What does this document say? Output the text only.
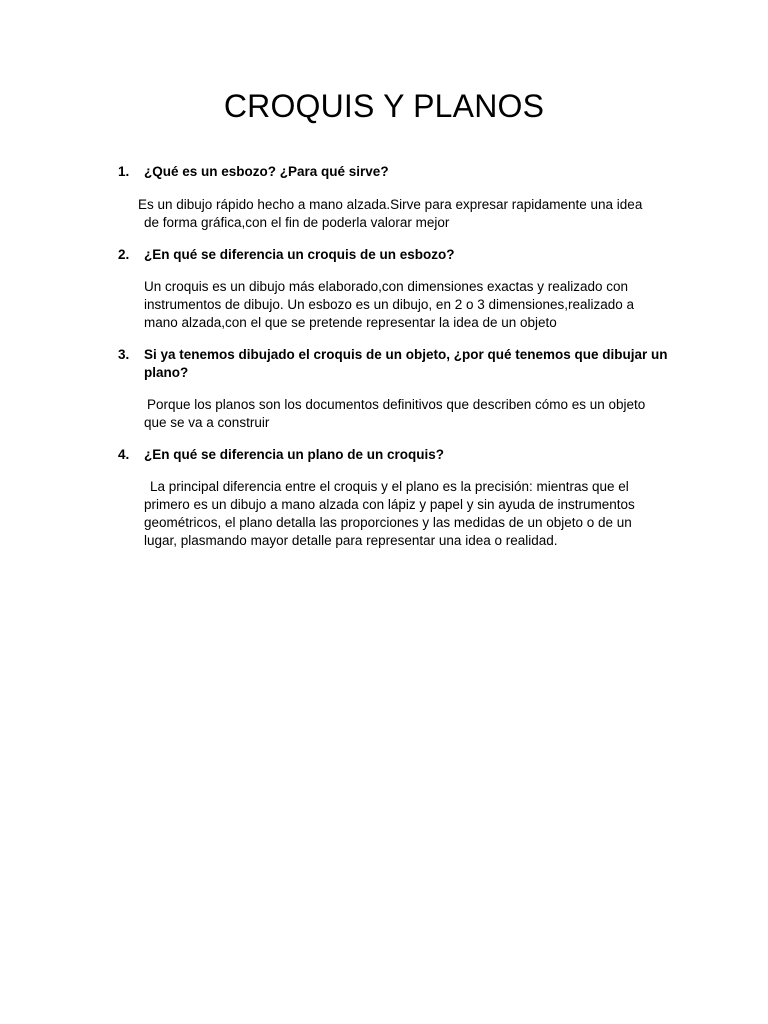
CROQUIS Y PLANOS
1.	¿Qué es un esbozo? ¿Para qué sirve?
Es un dibujo rápido hecho a mano alzada.Sirve para expresar rapidamente una idea
de forma gráfica,con el fin de poderla valorar mejor
2.	¿En qué se diferencia un croquis de un esbozo?
Un croquis es un dibujo más elaborado,con dimensiones exactas y realizado con
instrumentos de dibujo. Un esbozo es un dibujo, en 2 o 3 dimensiones,realizado a
mano alzada,con el que se pretende representar la idea de un objeto
3.	Si ya tenemos dibujado el croquis de un objeto, ¿por qué tenemos que dibujar un plano?
Porque los planos son los documentos definitivos que describen cómo es un objeto
que se va a construir
4.	¿En qué se diferencia un plano de un croquis?
La principal diferencia entre el croquis y el plano es la precisión: mientras que el
primero es un dibujo a mano alzada con lápiz y papel y sin ayuda de instrumentos
geométricos, el plano detalla las proporciones y las medidas de un objeto o de un
lugar, plasmando mayor detalle para representar una idea o realidad.
